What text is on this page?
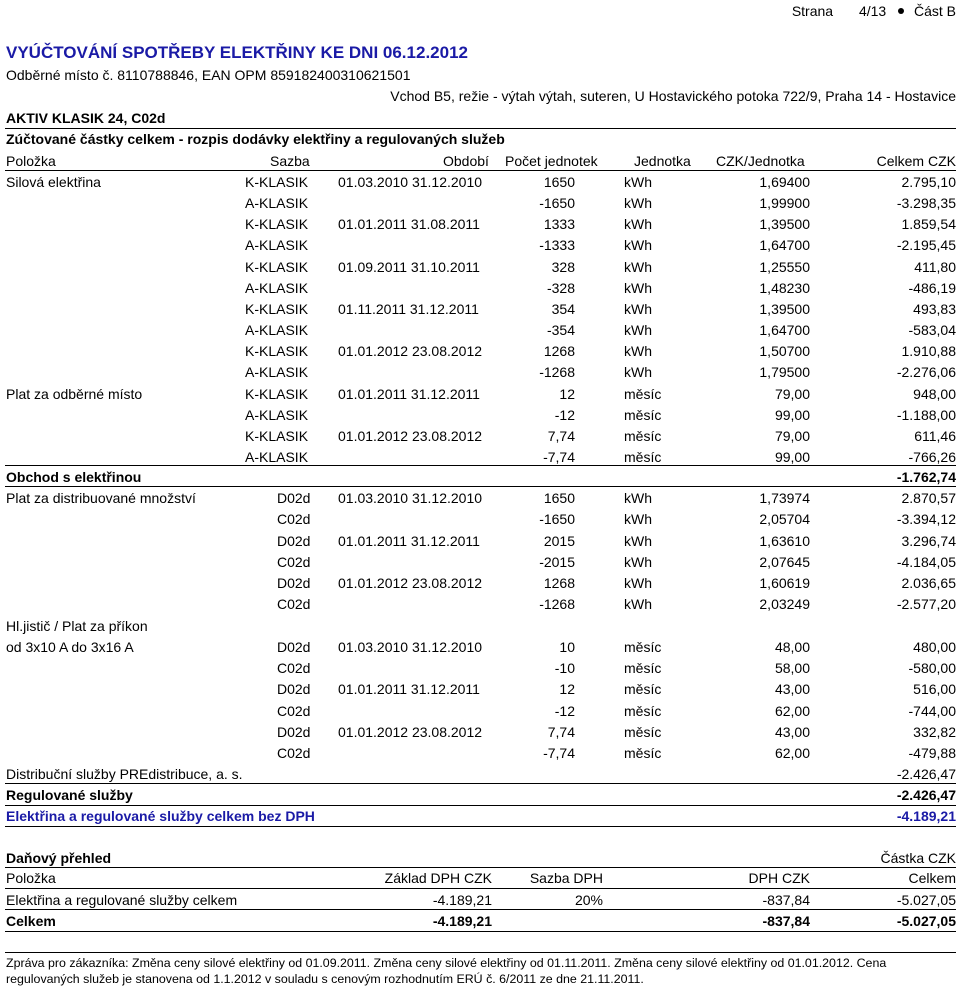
Strana 4/13 Část B
VYÚČTOVÁNÍ SPOTŘEBY ELEKTŘINY KE DNI 06.12.2012
Odběrné místo č. 8110788846, EAN OPM 859182400310621501
Vchod B5, režie - výtah výtah, suteren, U Hostavického potoka 722/9, Praha 14 - Hostavice
AKTIV KLASIK 24, C02d
Zúčtované částky celkem - rozpis dodávky elektřiny a regulovaných služeb
Položka	Sazba	Období Počet jednotek	Jednotka CZK/Jednotka	Celkem CZK
Silová elektřina	K-KLASIK 01.03.2010 31.12.2010	1650	kWh	1,69400	2.795,10
A-KLASIK	-1650	kWh	1,99900	-3.298,35
K-KLASIK 01.01.2011 31.08.2011	1333	kWh	1,39500	1.859,54
A-KLASIK	-1333	kWh	1,64700	-2.195,45
K-KLASIK 01.09.2011 31.10.2011	328	kWh	1,25550	411,80
A-KLASIK	-328	kWh	1,48230	-486,19
K-KLASIK 01.11.2011 31.12.2011	354	kWh	1,39500	493,83
A-KLASIK	-354	kWh	1,64700	-583,04
K-KLASIK 01.01.2012 23.08.2012	1268	kWh	1,50700	1.910,88
A-KLASIK	-1268	kWh	1,79500	-2.276,06
Plat za odběrné místo	K-KLASIK 01.01.2011 31.12.2011	12	měsíc	79,00	948,00
A-KLASIK	-12	měsíc	99,00	-1.188,00
K-KLASIK 01.01.2012 23.08.2012	7,74	měsíc	79,00	611,46
A-KLASIK	-7,74	měsíc	99,00	-766,26
Obchod s elektřinou	-1.762,74
Plat za distribuované množství	D02d 01.03.2010 31.12.2010	1650	kWh	1,73974	2.870,57
C02d	-1650	kWh	2,05704	-3.394,12
D02d 01.01.2011 31.12.2011	2015	kWh	1,63610	3.296,74
C02d	-2015	kWh	2,07645	-4.184,05
D02d 01.01.2012 23.08.2012	1268	kWh	1,60619	2.036,65
C02d	-1268	kWh	2,03249	-2.577,20
Hl.jistič / Plat za příkon
od 3x10 A do 3x16 A	D02d 01.03.2010 31.12.2010	10	měsíc	48,00	480,00
C02d	-10	měsíc	58,00	-580,00
D02d 01.01.2011 31.12.2011	12	měsíc	43,00	516,00
C02d	-12	měsíc	62,00	-744,00
D02d 01.01.2012 23.08.2012	7,74	měsíc	43,00	332,82
C02d	-7,74	měsíc	62,00	-479,88
Distribuční služby PREdistribuce, a. s.	-2.426,47
Regulované služby	-2.426,47
Elektřina a regulované služby celkem bez DPH	-4.189,21
Daňový přehled	Částka CZK
Položka	Základ DPH CZK	Sazba DPH	DPH CZK	Celkem
Elektřina a regulované služby celkem	-4.189,21	20%	-837,84	-5.027,05
Celkem	-4.189,21	-837,84	-5.027,05
Zpráva pro zákazníka: Změna ceny silové elektřiny od 01.09.2011. Změna ceny silové elektřiny od 01.11.2011. Změna ceny silové elektřiny od 01.01.2012. Cena
regulovaných služeb je stanovena od 1.1.2012 v souladu s cenovým rozhodnutím ERÚ č. 6/2011 ze dne 21.11.2011.
